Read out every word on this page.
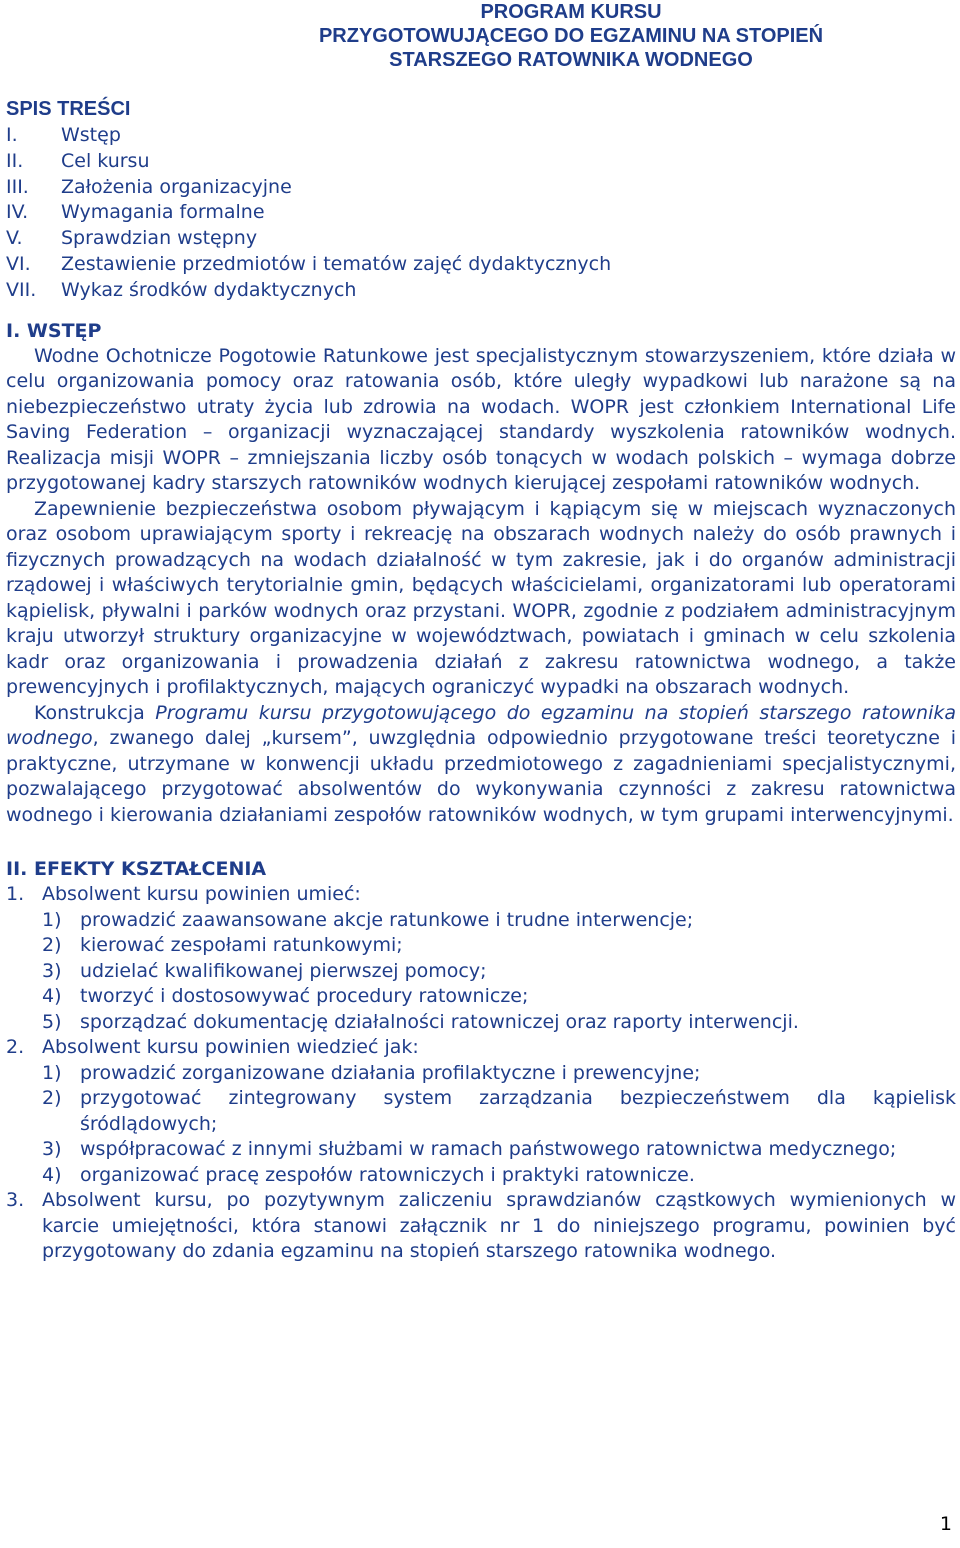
PROGRAM KURSU
PRZYGOTOWUJĄCEGO DO EGZAMINU NA STOPIEŃ
STARSZEGO RATOWNIKA WODNEGO
SPIS TREŚCI
I.	Wstęp
II.	Cel kursu
III.	Założenia organizacyjne
IV.	Wymagania formalne
V.	Sprawdzian wstępny
VI.	Zestawienie przedmiotów i tematów zajęć dydaktycznych
VII.	Wykaz środków dydaktycznych
I. WSTĘP

Wodne Ochotnicze Pogotowie Ratunkowe jest specjalistycznym stowarzyszeniem, które działa w celu organizowania pomocy oraz ratowania osób, które uległy wypadkowi lub narażone są na niebezpieczeństwo utraty życia lub zdrowia na wodach. WOPR jest członkiem International Life Saving Federation – organizacji wyznaczającej standardy wyszkolenia ratowników wodnych. Realizacja misji WOPR – zmniejszania liczby osób tonących w wodach polskich – wymaga dobrze przygotowanej kadry starszych ratowników wodnych kierującej zespołami ratowników wodnych.

Zapewnienie bezpieczeństwa osobom pływającym i kąpiącym się w miejscach wyznaczonych oraz osobom uprawiającym sporty i rekreację na obszarach wodnych należy do osób prawnych i fizycznych prowadzących na wodach działalność w tym zakresie, jak i do organów administracji rządowej i właściwych terytorialnie gmin, będących właścicielami, organizatorami lub operatorami kąpielisk, pływalni i parków wodnych oraz przystani. WOPR, zgodnie z podziałem administracyjnym kraju utworzył struktury organizacyjne w województwach, powiatach i gminach w celu szkolenia kadr oraz organizowania i prowadzenia działań z zakresu ratownictwa wodnego, a także prewencyjnych i profilaktycznych, mających ograniczyć wypadki na obszarach wodnych.

Konstrukcja Programu kursu przygotowującego do egzaminu na stopień starszego ratownika wodnego, zwanego dalej „kursem”, uwzględnia odpowiednio przygotowane treści teoretyczne i praktyczne, utrzymane w konwencji układu przedmiotowego z zagadnieniami specjalistycznymi, pozwalającego przygotować absolwentów do wykonywania czynności z zakresu ratownictwa wodnego i kierowania działaniami zespołów ratowników wodnych, w tym grupami interwencyjnymi.

II. EFEKTY KSZTAŁCENIA
1. Absolwent kursu powinien umieć:
1) prowadzić zaawansowane akcje ratunkowe i trudne interwencje;
2) kierować zespołami ratunkowymi;
3) udzielać kwalifikowanej pierwszej pomocy;
4) tworzyć i dostosowywać procedury ratownicze;
5) sporządzać dokumentację działalności ratowniczej oraz raporty interwencji.
2. Absolwent kursu powinien wiedzieć jak:
1) prowadzić zorganizowane działania profilaktyczne i prewencyjne;
2) przygotować zintegrowany system zarządzania bezpieczeństwem dla kąpielisk śródlądowych;
3) współpracować z innymi służbami w ramach państwowego ratownictwa medycznego;
4) organizować pracę zespołów ratowniczych i praktyki ratownicze.
3. Absolwent kursu, po pozytywnym zaliczeniu sprawdzianów cząstkowych wymienionych w karcie umiejętności, która stanowi załącznik nr 1 do niniejszego programu, powinien być przygotowany do zdania egzaminu na stopień starszego ratownika wodnego.
1
